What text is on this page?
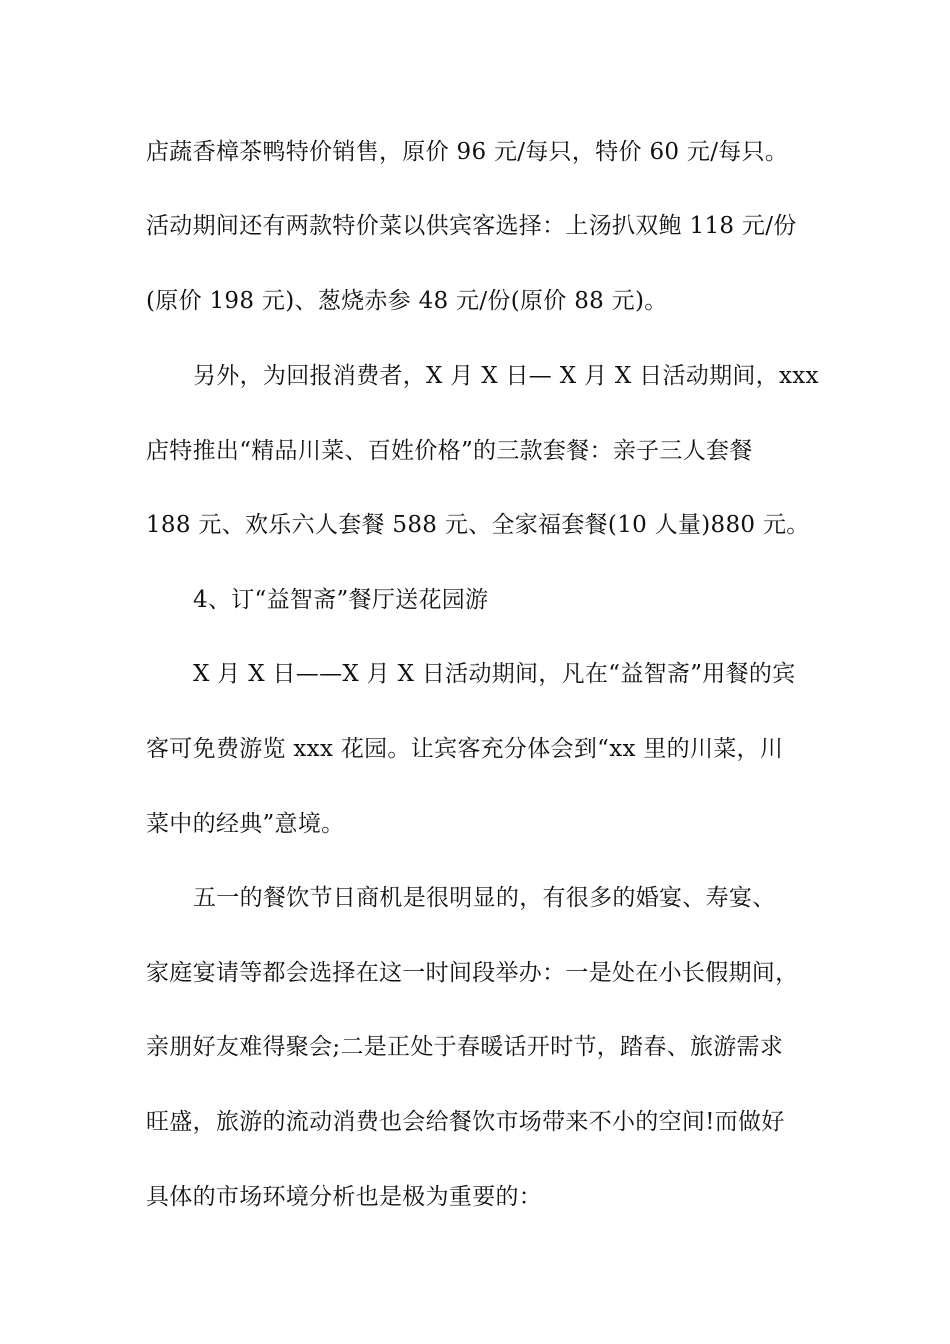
店蔬香樟茶鸭特价销售，原价 96 元/每只，特价 60 元/每只。
活动期间还有两款特价菜以供宾客选择：上汤扒双鲍 118 元/份
(原价 198 元)、葱烧赤参 48 元/份(原价 88 元)。
另外，为回报消费者，X 月 X 日— X 月 X 日活动期间，xxx
店特推出“精品川菜、百姓价格”的三款套餐：亲子三人套餐
188 元、欢乐六人套餐 588 元、全家福套餐(10 人量)880 元。
4、订“益智斋”餐厅送花园游
X 月 X 日——X 月 X 日活动期间，凡在“益智斋”用餐的宾
客可免费游览 xxx 花园。让宾客充分体会到“xx 里的川菜，川
菜中的经典”意境。
五一的餐饮节日商机是很明显的，有很多的婚宴、寿宴、
家庭宴请等都会选择在这一时间段举办：一是处在小长假期间，
亲朋好友难得聚会;二是正处于春暖话开时节，踏春、旅游需求
旺盛，旅游的流动消费也会给餐饮市场带来不小的空间!而做好
具体的市场环境分析也是极为重要的：
